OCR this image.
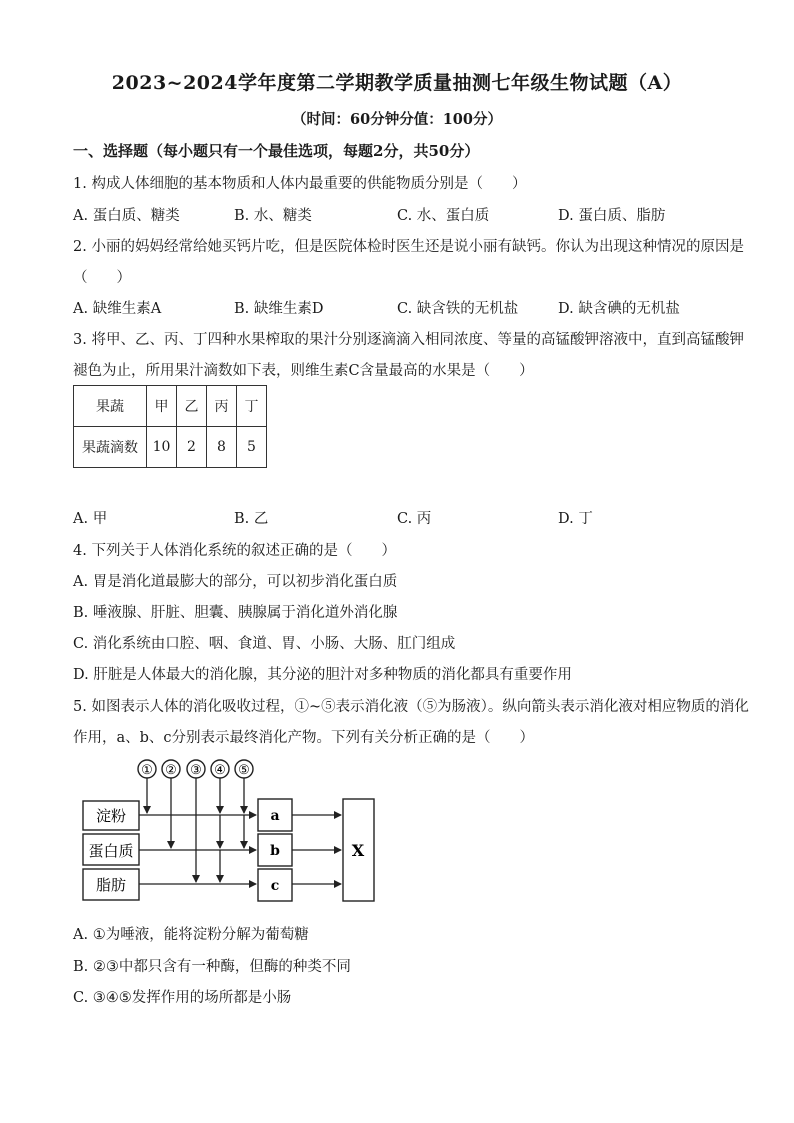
2023~2024学年度第二学期教学质量抽测七年级生物试题（A）
（时间：60分钟分值：100分）
一、选择题（每小题只有一个最佳选项，每题2分，共50分）
1. 构成人体细胞的基本物质和人体内最重要的供能物质分别是（　　）
A. 蛋白质、糖类	B. 水、糖类	C. 水、蛋白质	D. 蛋白质、脂肪
2. 小丽的妈妈经常给她买钙片吃，但是医院体检时医生还是说小丽有缺钙。你认为出现这种情况的原因是
（　　）
A. 缺维生素A	B. 缺维生素D	C. 缺含铁的无机盐	D. 缺含碘的无机盐
3. 将甲、乙、丙、丁四种水果榨取的果汁分别逐滴滴入相同浓度、等量的高锰酸钾溶液中，直到高锰酸钾
褪色为止，所用果汁滴数如下表，则维生素C含量最高的水果是（　　）
果蔬	甲	乙	丙	丁
果蔬滴数	10	2	8	5
A. 甲	B. 乙	C. 丙	D. 丁
4. 下列关于人体消化系统的叙述正确的是（　　）
A. 胃是消化道最膨大的部分，可以初步消化蛋白质
B. 唾液腺、肝脏、胆囊、胰腺属于消化道外消化腺
C. 消化系统由口腔、咽、食道、胃、小肠、大肠、肛门组成
D. 肝脏是人体最大的消化腺，其分泌的胆汁对多种物质的消化都具有重要作用
5. 如图表示人体的消化吸收过程，①~⑤表示消化液（⑤为肠液）。纵向箭头表示消化液对相应物质的消化
作用，a、b、c分别表示最终消化产物。下列有关分析正确的是（　　）
① ② ③ ④ ⑤
淀粉
蛋白质
脂肪
a
b
c
X
A. ①为唾液，能将淀粉分解为葡萄糖
B. ②③中都只含有一种酶，但酶的种类不同
C. ③④⑤发挥作用的场所都是小肠
